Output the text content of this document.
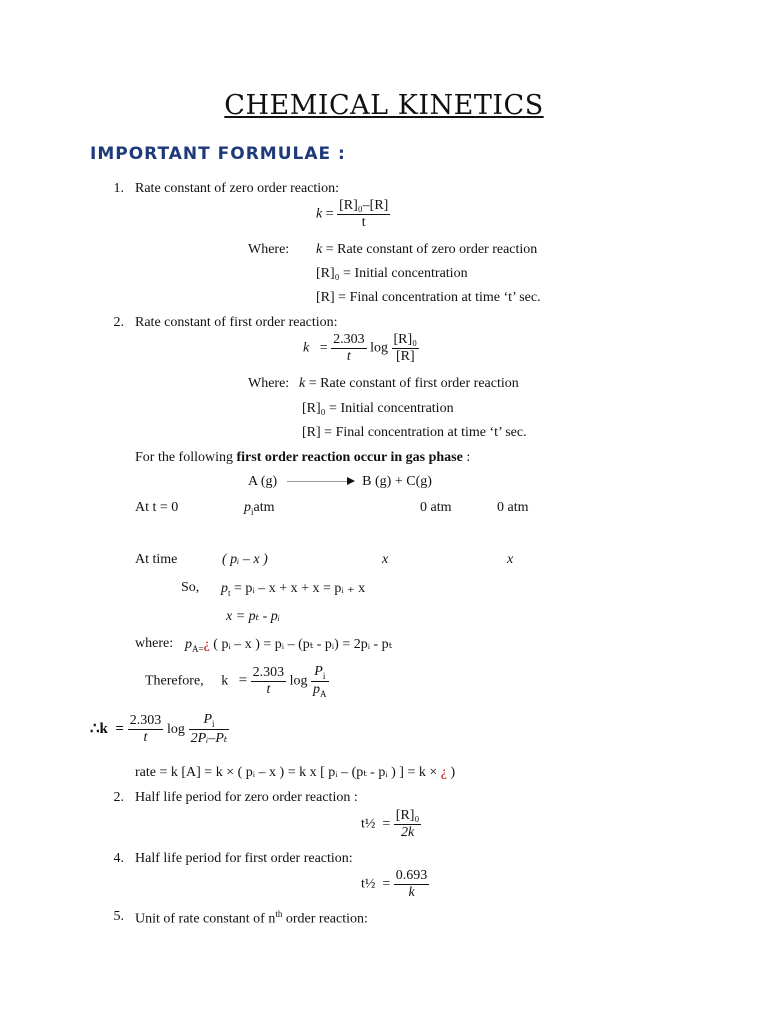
CHEMICAL KINETICS
IMPORTANT FORMULAE :
1. Rate constant of zero order reaction:
$k = \frac{\text{[R]₀–[R]}}{t}$
Where: k = Rate constant of zero order reaction
[R]₀ = Initial concentration
[R] = Final concentration at time ‘t’ sec.
2. Rate constant of first order reaction:
$k = \frac{2.303}{t}$ $\log \frac{\text{[R]₀}}{[R]}$
Where: k = Rate constant of first order reaction
[R]₀ = Initial concentration
[R] = Final concentration at time ‘t’ sec.
For the following first order reaction occur in gas phase :
A (g)	B (g) + C(g)
At t = 0	$p_iatm$	0 atm	0 atm
At time	( pᵢ – x )	x	x
So, $p_t$ = pᵢ – x + x + x = pᵢ ₊ x
x = pₜ - pᵢ
where: $p_{A=}¿$ ( pᵢ – x ) = pᵢ – (pₜ - pᵢ) = 2pᵢ - pₜ
Therefore, $k = \frac{2.303}{t}$ $\log \frac{P_i}{p_A}$
∴k = $\frac{2.303}{t}$ $\log \frac{P_i}{\text{2Pᵢ–Pₜ}}$
rate = k [A] = k × ( pᵢ – x ) = k x [ pᵢ – (pₜ - pᵢ ) ] = k × ¿ )
2. Half life period for zero order reaction :
t½ = $\frac{\text{[R]₀}}{2k}$
4. Half life period for first order reaction:
t½ = $\frac{0.693}{k}$
5. Unit of rate constant of $n^{th}$ order reaction:
